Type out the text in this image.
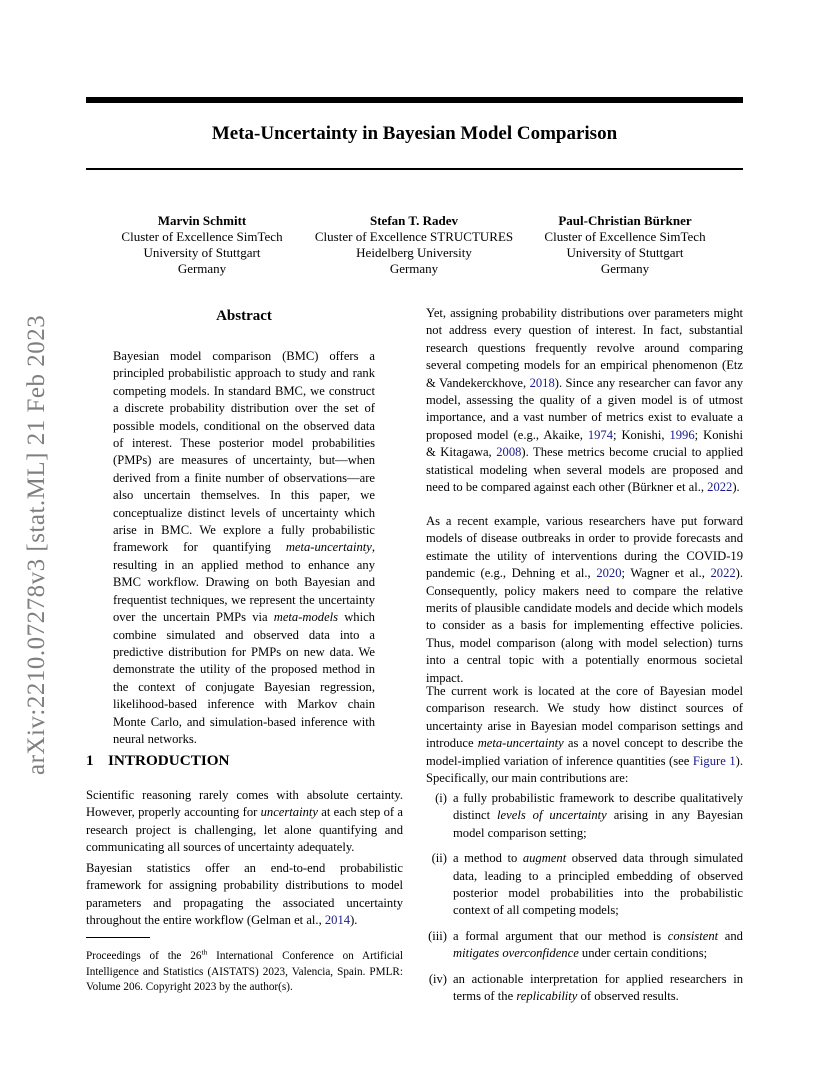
Meta-Uncertainty in Bayesian Model Comparison
arXiv:2210.07278v3 [stat.ML] 21 Feb 2023
Marvin Schmitt
Cluster of Excellence SimTech
University of Stuttgart
Germany
Stefan T. Radev
Cluster of Excellence STRUCTURES
Heidelberg University
Germany
Paul-Christian Bürkner
Cluster of Excellence SimTech
University of Stuttgart
Germany
Abstract
Bayesian model comparison (BMC) offers a principled probabilistic approach to study and rank competing models. In standard BMC, we construct a discrete probability distribution over the set of possible models, conditional on the observed data of interest. These posterior model probabilities (PMPs) are measures of uncertainty, but—when derived from a finite number of observations—are also uncertain themselves. In this paper, we conceptualize distinct levels of uncertainty which arise in BMC. We explore a fully probabilistic framework for quantifying meta-uncertainty, resulting in an applied method to enhance any BMC workflow. Drawing on both Bayesian and frequentist techniques, we represent the uncertainty over the uncertain PMPs via meta-models which combine simulated and observed data into a predictive distribution for PMPs on new data. We demonstrate the utility of the proposed method in the context of conjugate Bayesian regression, likelihood-based inference with Markov chain Monte Carlo, and simulation-based inference with neural networks.
1 INTRODUCTION
Scientific reasoning rarely comes with absolute certainty. However, properly accounting for uncertainty at each step of a research project is challenging, let alone quantifying and communicating all sources of uncertainty adequately.
Bayesian statistics offer an end-to-end probabilistic framework for assigning probability distributions to model parameters and propagating the associated uncertainty throughout the entire workflow (Gelman et al., 2014).
Proceedings of the 26th International Conference on Artificial Intelligence and Statistics (AISTATS) 2023, Valencia, Spain. PMLR: Volume 206. Copyright 2023 by the author(s).
Yet, assigning probability distributions over parameters might not address every question of interest. In fact, substantial research questions frequently revolve around comparing several competing models for an empirical phenomenon (Etz & Vandekerckhove, 2018). Since any researcher can favor any model, assessing the quality of a given model is of utmost importance, and a vast number of metrics exist to evaluate a proposed model (e.g., Akaike, 1974; Konishi, 1996; Konishi & Kitagawa, 2008). These metrics become crucial to applied statistical modeling when several models are proposed and need to be compared against each other (Bürkner et al., 2022).
As a recent example, various researchers have put forward models of disease outbreaks in order to provide forecasts and estimate the utility of interventions during the COVID-19 pandemic (e.g., Dehning et al., 2020; Wagner et al., 2022). Consequently, policy makers need to compare the relative merits of plausible candidate models and decide which models to consider as a basis for implementing effective policies. Thus, model comparison (along with model selection) turns into a central topic with a potentially enormous societal impact.
The current work is located at the core of Bayesian model comparison research. We study how distinct sources of uncertainty arise in Bayesian model comparison settings and introduce meta-uncertainty as a novel concept to describe the model-implied variation of inference quantities (see Figure 1). Specifically, our main contributions are:
(i) a fully probabilistic framework to describe qualitatively distinct levels of uncertainty arising in any Bayesian model comparison setting;
(ii) a method to augment observed data through simulated data, leading to a principled embedding of observed posterior model probabilities into the probabilistic context of all competing models;
(iii) a formal argument that our method is consistent and mitigates overconfidence under certain conditions;
(iv) an actionable interpretation for applied researchers in terms of the replicability of observed results.
